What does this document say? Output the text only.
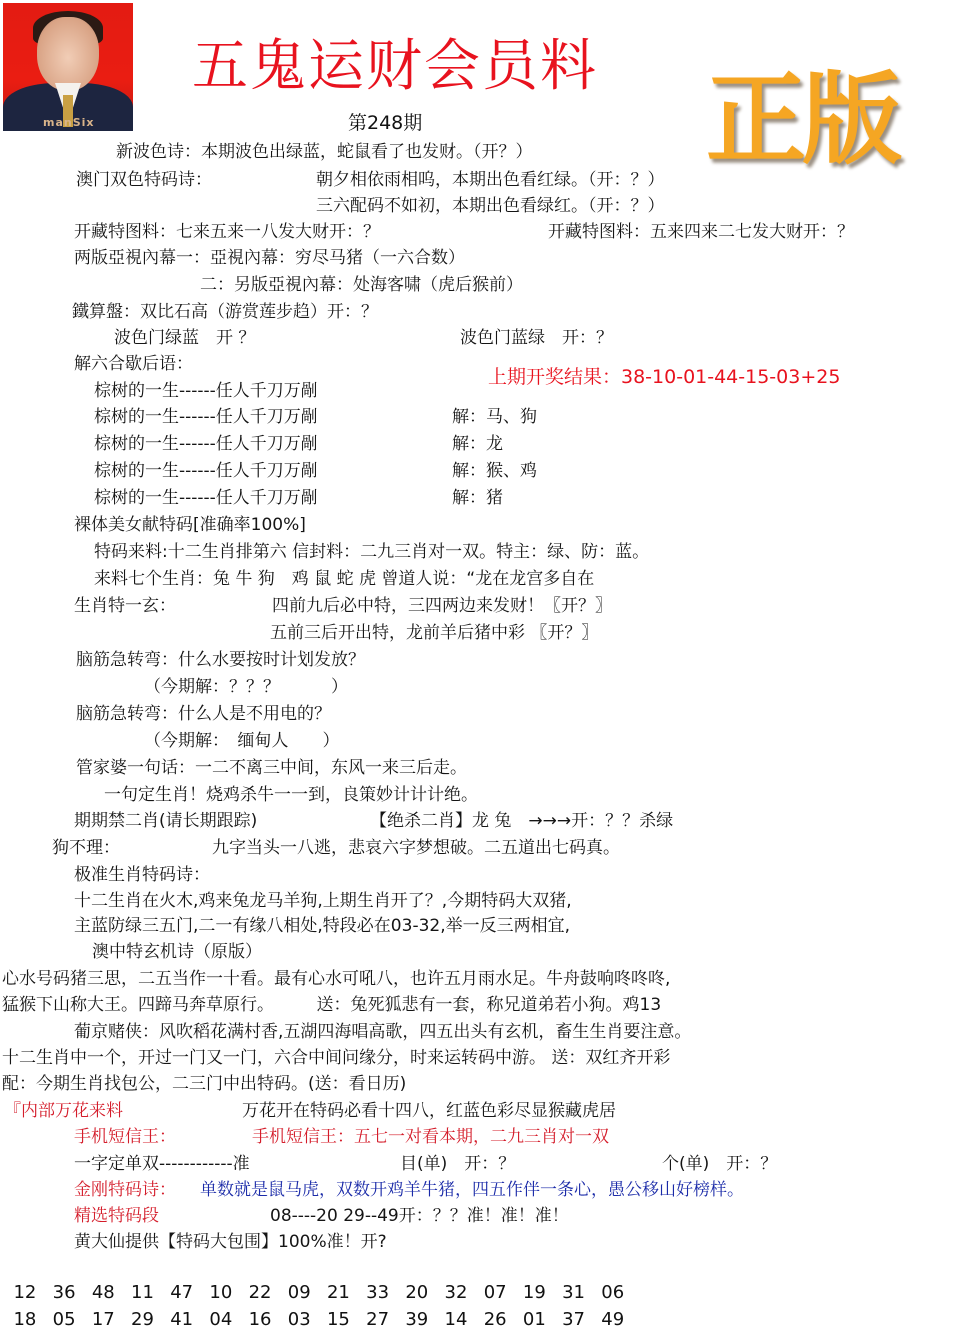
manSix
五鬼运财会员料 正版
第248期
新波色诗：本期波色出绿蓝，蛇鼠看了也发财。（开？）
澳门双色特码诗：	朝夕相依雨相呜，本期出色看红绿。（开：？）
三六配码不如初，本期出色看绿红。（开：？）
开藏特图料：七来五来一八发大财开：？	开藏特图料：五来四来二七发大财开：？
两版亞視內幕一：亞視內幕：穷尽马猪（一六合数）
二：另版亞視內幕：处海客啸（虎后猴前）
鐵算盤：双比石高（游赏莲步趋）开：？
波色门绿蓝　开 ？	波色门蓝绿　开：？
解六合歇后语：
上期开奖结果：38-10-01-44-15-03+25
棕树的一生------任人千刀万剮
棕树的一生------任人千刀万剮	解：马、狗
棕树的一生------任人千刀万剮	解：龙
棕树的一生------任人千刀万剮	解：猴、鸡
棕树的一生------任人千刀万剮	解：猪
裸体美女献特码[准确率100%]
特码来料:十二生肖排第六 信封料：二九三肖对一双。特主：绿、防：蓝。
来料七个生肖：兔 牛 狗　鸡 鼠 蛇 虎 曾道人说：“龙在龙宫多自在
生肖特一玄：	四前九后必中特，三四两边来发财！〖开？〗
五前三后开出特，龙前羊后猪中彩 〖开？〗
脑筋急转弯：什么水要按时计划发放？
（今期解：？？？　　　）
脑筋急转弯：什么人是不用电的？
（今期解：　缅甸人　　）
管家婆一句话：一二不离三中间，东风一来三后走。
一句定生肖！烧鸡杀牛一一到，良策妙计计计绝。
期期禁二肖(请长期跟踪)	【绝杀二肖】龙 兔　→→→开：？？杀绿
狗不理：	九字当头一八逃，悲哀六字梦想破。二五道出七码真。
极准生肖特码诗：
十二生肖在火木,鸡来兔龙马羊狗,上期生肖开了？,今期特码大双猪,
主蓝防绿三五门,二一有缘八相处,特段必在03-32,举一反三两相宜,
澳中特玄机诗（原版）
心水号码猪三思，二五当作一十看。最有心水可吼八，也许五月雨水足。牛舟鼓响咚咚咚,
猛猴下山称大王。四蹄马奔草原行。　　　送：兔死狐悲有一套，称兄道弟若小狗。鸡13
葡京赌侠：风吹稻花满村香,五湖四海唱高歌，四五出头有玄机，畜生生肖要注意。
十二生肖中一个，开过一门又一门，六合中间问缘分，时来运转码中游。 送：双红齐开彩
配：今期生肖找包公，二三门中出特码。(送：看日历)
『内部万花来料	万花开在特码必看十四八，红蓝色彩尽显猴藏虎居
手机短信王：	手机短信王：五七一对看本期，二九三肖对一双
一字定单双------------准	目(单)　开：？	个(单)　开：？
金刚特码诗： 单数就是鼠马虎，双数开鸡羊牛猪，四五作伴一条心，愚公移山好榜样。
精选特码段	08----20 29--49开：？？准！准！准！
黄大仙提供【特码大包围】100%准！开?

12 36 48 11 47 10 22 09 21 33 20 32 07 19 31 06

18 05 17 29 41 04 16 03 15 27 39 14 26 01 37 49
